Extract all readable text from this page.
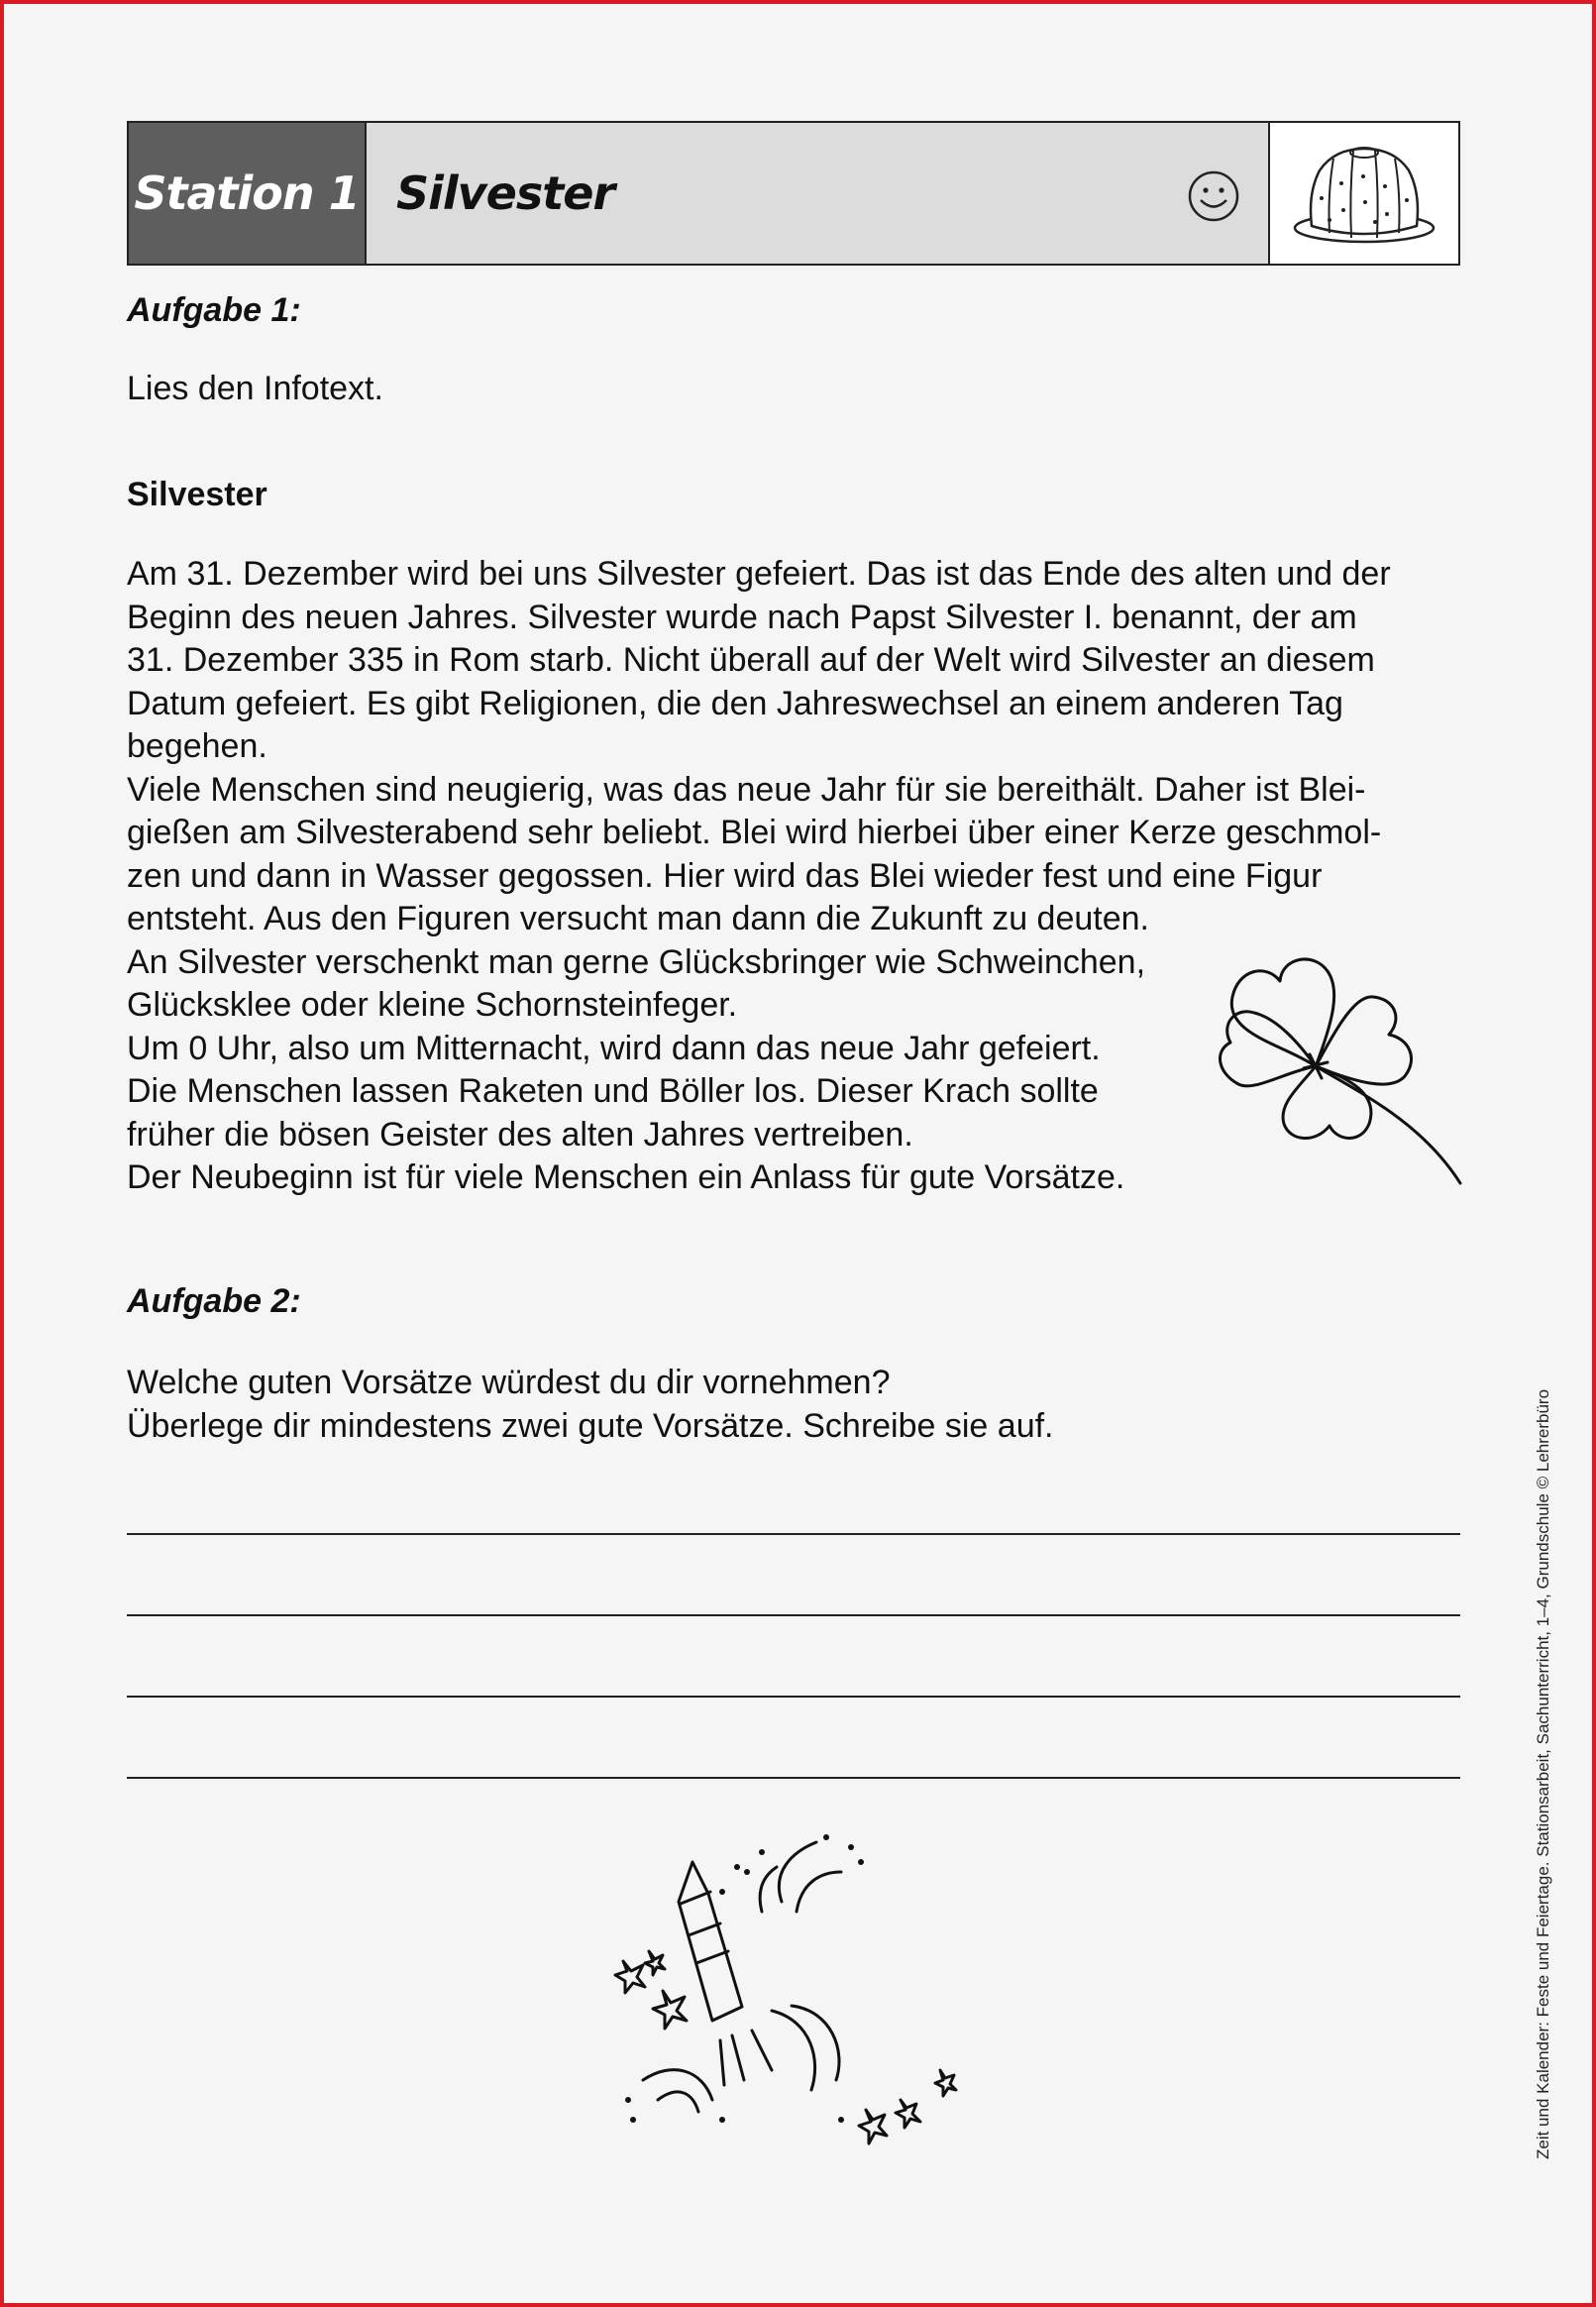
Station 1 Silvester
Aufgabe 1:
Lies den Infotext.
Silvester
Am 31. Dezember wird bei uns Silvester gefeiert. Das ist das Ende des alten und der
Beginn des neuen Jahres. Silvester wurde nach Papst Silvester I. benannt, der am
31. Dezember 335 in Rom starb. Nicht überall auf der Welt wird Silvester an diesem
Datum gefeiert. Es gibt Religionen, die den Jahreswechsel an einem anderen Tag
begehen.
Viele Menschen sind neugierig, was das neue Jahr für sie bereithält. Daher ist Blei-
gießen am Silvesterabend sehr beliebt. Blei wird hierbei über einer Kerze geschmol-
zen und dann in Wasser gegossen. Hier wird das Blei wieder fest und eine Figur
entsteht. Aus den Figuren versucht man dann die Zukunft zu deuten.
An Silvester verschenkt man gerne Glücksbringer wie Schweinchen,
Glücksklee oder kleine Schornsteinfeger.
Um 0 Uhr, also um Mitternacht, wird dann das neue Jahr gefeiert.
Die Menschen lassen Raketen und Böller los. Dieser Krach sollte
früher die bösen Geister des alten Jahres vertreiben.
Der Neubeginn ist für viele Menschen ein Anlass für gute Vorsätze.
Aufgabe 2:
Welche guten Vorsätze würdest du dir vornehmen?
Überlege dir mindestens zwei gute Vorsätze. Schreibe sie auf.	Zeit und Kalender: Feste und Feiertage. Stationsarbeit, Sachunterricht, 1–4, Grundschule © Lehrerbüro
